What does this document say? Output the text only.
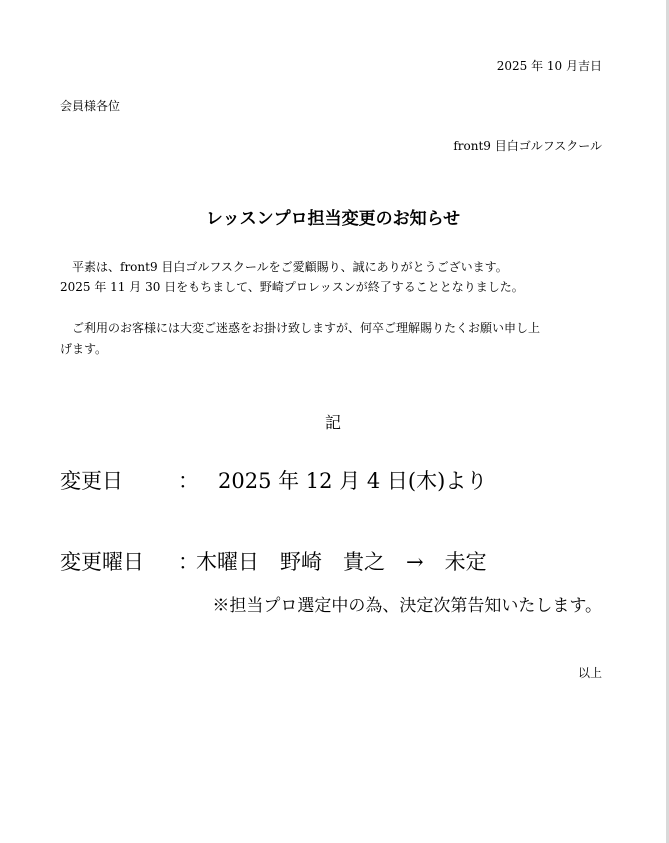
2025 年 10 月吉日
会員様各位
front9 目白ゴルフスクール
レッスンプロ担当変更のお知らせ
平素は、front9 目白ゴルフスクールをご愛顧賜り、誠にありがとうございます。
2025 年 11 月 30 日をもちまして、野崎プロレッスンが終了することとなりました。
ご利用のお客様には大変ご迷惑をお掛け致しますが、何卒ご理解賜りたくお願い申し上
げます。
記
変更日	： 2025 年 12 月 4 日(木)より
変更曜日 ：
木曜日　野崎　貴之　→　未定
※担当プロ選定中の為、決定次第告知いたします。
以上
